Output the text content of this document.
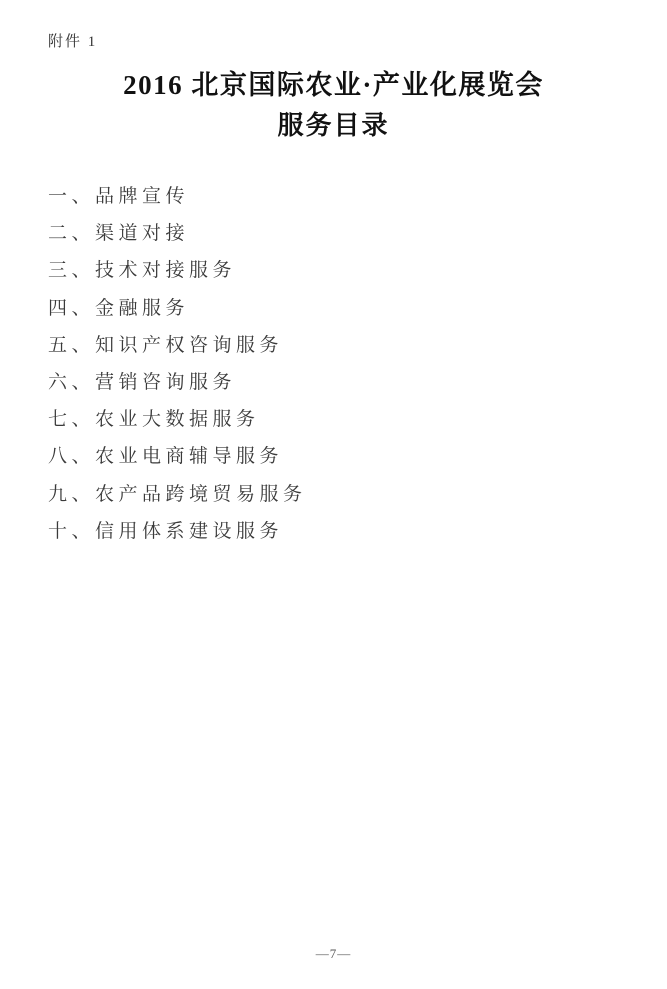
附件 1
2016 北京国际农业·产业化展览会
服务目录
一、品牌宣传
二、渠道对接
三、技术对接服务
四、金融服务
五、知识产权咨询服务
六、营销咨询服务
七、农业大数据服务
八、农业电商辅导服务
九、农产品跨境贸易服务
十、信用体系建设服务
—7—
